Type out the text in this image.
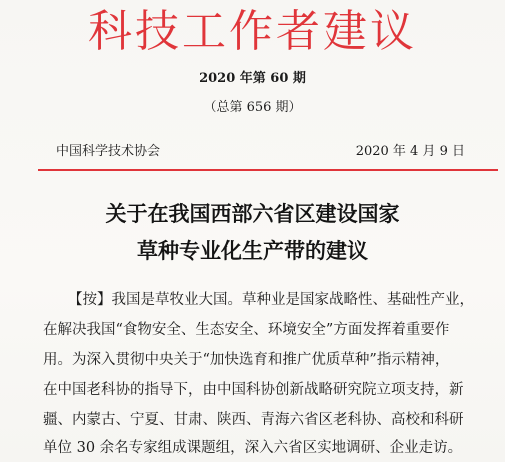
科技工作者建议
2020 年第 60 期
（总第 656 期）
中国科学技术协会	2020 年 4 月 9 日
关于在我国西部六省区建设国家
草种专业化生产带的建议
【按】我国是草牧业大国。草种业是国家战略性、基础性产业，
在解决我国“食物安全、生态安全、环境安全”方面发挥着重要作
用。为深入贯彻中央关于“加快选育和推广优质草种”指示精神，
在中国老科协的指导下，由中国科协创新战略研究院立项支持，新
疆、内蒙古、宁夏、甘肃、陕西、青海六省区老科协、高校和科研
单位 30 余名专家组成课题组，深入六省区实地调研、企业走访。
